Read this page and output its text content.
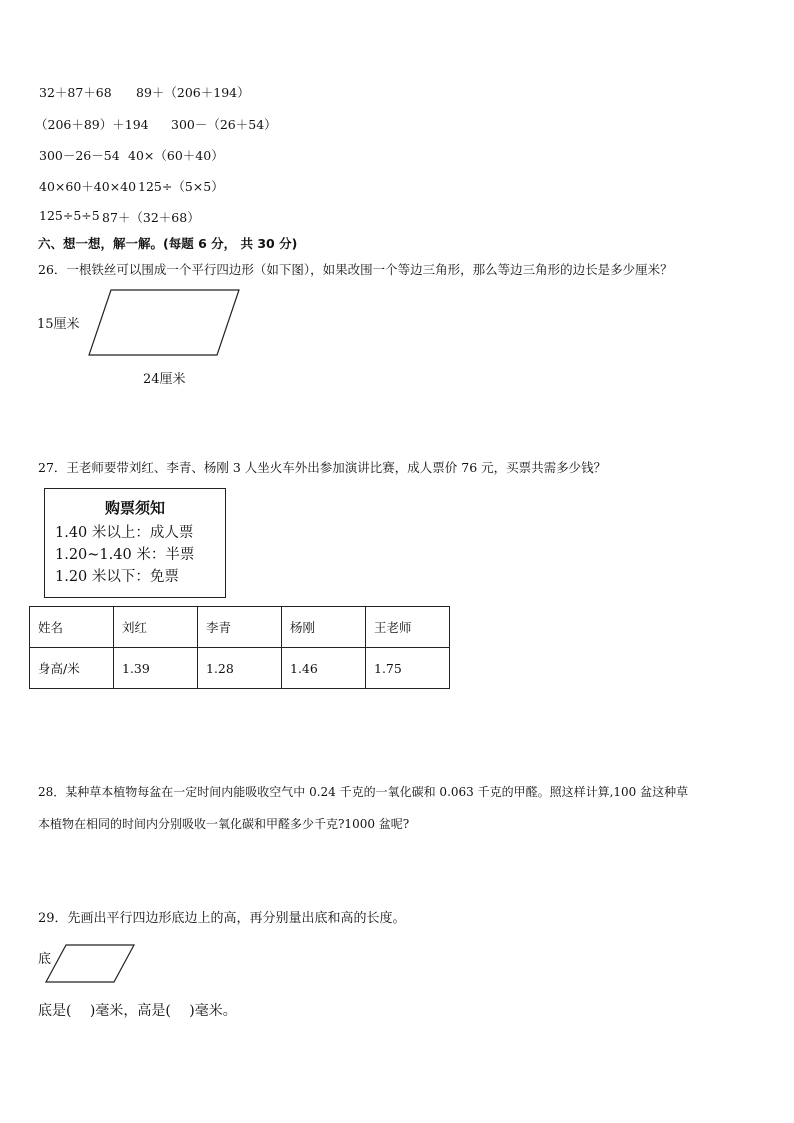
32＋87＋68 89＋（206＋194）
（206＋89）＋194 300－（26＋54）
300－26－54 40×（60＋40）
40×60＋40×40 125÷（5×5）
125÷5÷5 87＋（32＋68）
六、想一想，解一解。(每题 6 分， 共 30 分)
26．一根铁丝可以围成一个平行四边形（如下图），如果改围一个等边三角形，那么等边三角形的边长是多少厘米？
15厘米
24厘米
27．王老师要带刘红、李青、杨刚 3 人坐火车外出参加演讲比赛，成人票价 76 元，买票共需多少钱？
购票须知
1.40 米以上：成人票
1.20~1.40 米：半票
1.20 米以下：免票
姓名	刘红	李青	杨刚	王老师
身高/米	1.39	1.28	1.46	1.75
28．某种草本植物每盆在一定时间内能吸收空气中 0.24 千克的一氧化碳和 0.063 千克的甲醛。照这样计算,100 盆这种草
本植物在相同的时间内分别吸收一氧化碳和甲醛多少千克?1000 盆呢?
29．先画出平行四边形底边上的高，再分别量出底和高的长度。
底
底是(　 )毫米，高是(　 )毫米。
